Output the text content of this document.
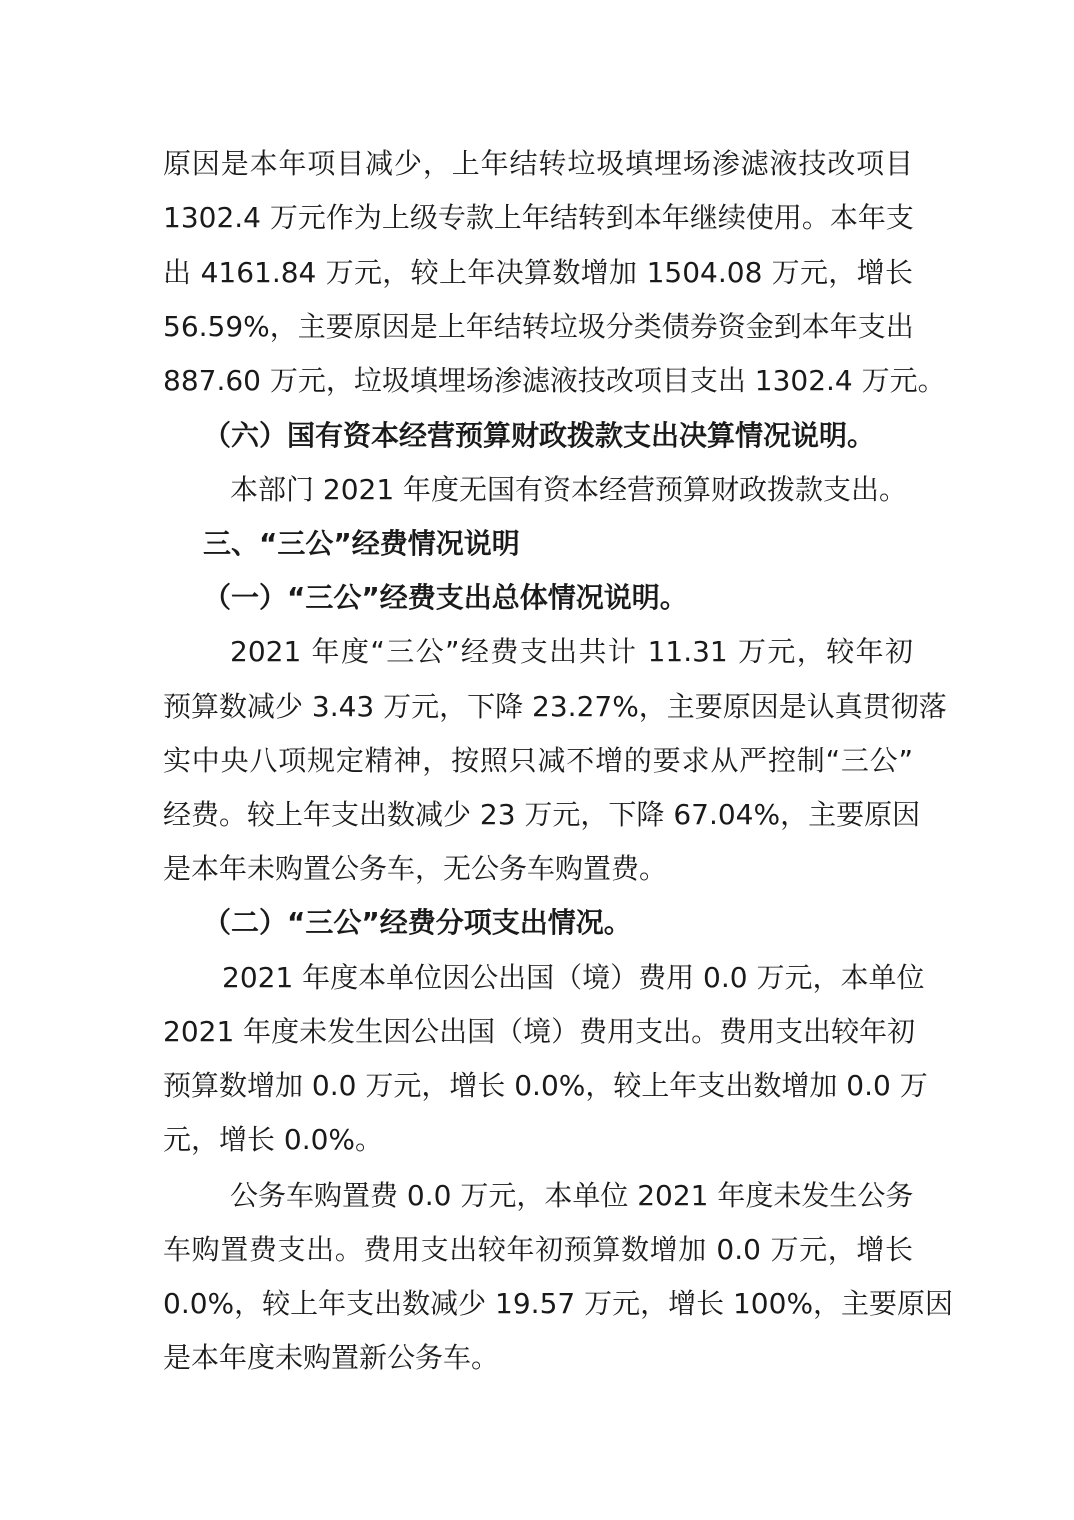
原因是本年项目减少，上年结转垃圾填埋场渗滤液技改项目

1302.4 万元作为上级专款上年结转到本年继续使用。本年支

出 4161.84 万元，较上年决算数增加 1504.08 万元，增长

56.59%，主要原因是上年结转垃圾分类债券资金到本年支出

887.60 万元，垃圾填埋场渗滤液技改项目支出 1302.4 万元。

（六）国有资本经营预算财政拨款支出决算情况说明。

本部门 2021 年度无国有资本经营预算财政拨款支出。

三、“三公”经费情况说明

（一）“三公”经费支出总体情况说明。

2021 年度“三公”经费支出共计 11.31 万元，较年初

预算数减少 3.43 万元，下降 23.27%，主要原因是认真贯彻落

实中央八项规定精神，按照只减不增的要求从严控制“三公”

经费。较上年支出数减少 23 万元，下降 67.04%，主要原因

是本年未购置公务车，无公务车购置费。

（二）“三公”经费分项支出情况。

2021 年度本单位因公出国（境）费用 0.0 万元，本单位

2021 年度未发生因公出国（境）费用支出。费用支出较年初

预算数增加 0.0 万元，增长 0.0%，较上年支出数增加 0.0 万

元，增长 0.0%。

公务车购置费 0.0 万元，本单位 2021 年度未发生公务

车购置费支出。费用支出较年初预算数增加 0.0 万元，增长

0.0%，较上年支出数减少 19.57 万元，增长 100%，主要原因

是本年度未购置新公务车。
